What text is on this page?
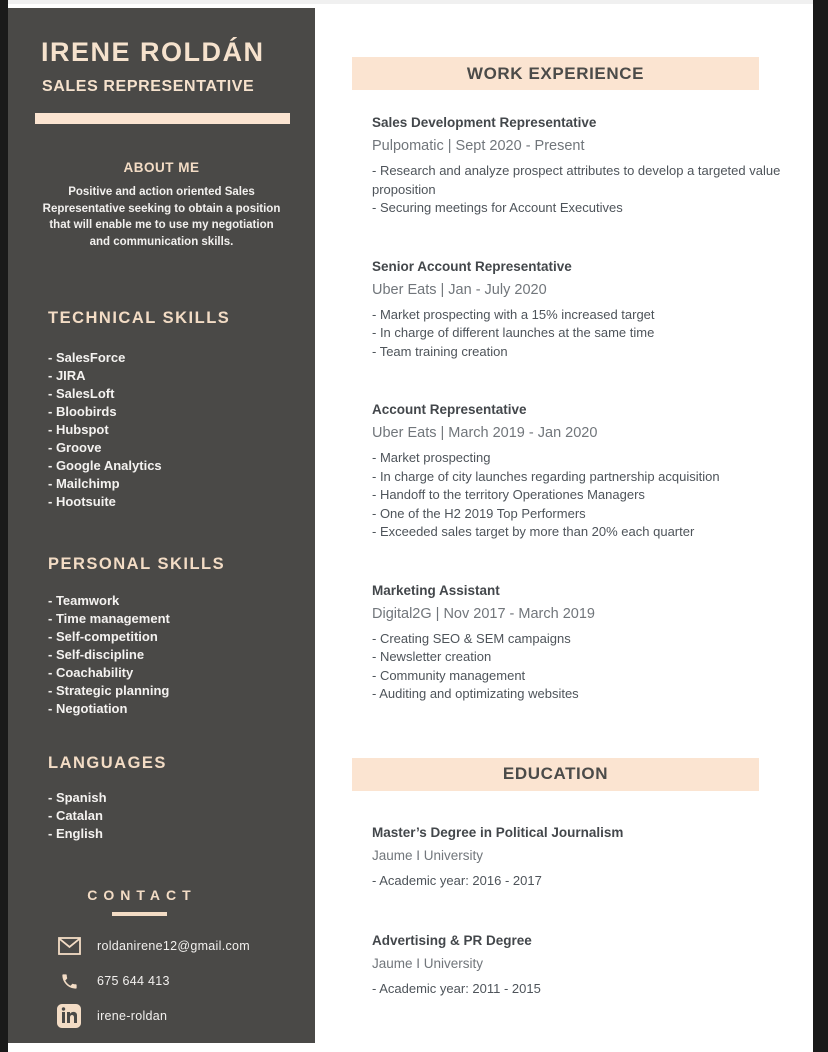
IRENE ROLDÁN
SALES REPRESENTATIVE
ABOUT ME

Positive and action oriented Sales Representative seeking to obtain a position that will enable me to use my negotiation and communication skills.

TECHNICAL SKILLS
- SalesForce
- JIRA
- SalesLoft
- Bloobirds
- Hubspot
- Groove
- Google Analytics
- Mailchimp
- Hootsuite
PERSONAL SKILLS
- Teamwork
- Time management
- Self-competition
- Self-discipline
- Coachability
- Strategic planning
- Negotiation
LANGUAGES
- Spanish
- Catalan
- English
CONTACT
roldanirene12@gmail.com
675 644 413
irene-roldan
WORK EXPERIENCE
Sales Development Representative
Pulpomatic | Sept 2020 - Present

- Research and analyze prospect attributes to develop a targeted value proposition

- Securing meetings for Account Executives

Senior Account Representative
Uber Eats | Jan - July 2020

- Market prospecting with a 15% increased target

- In charge of different launches at the same time

- Team training creation

Account Representative
Uber Eats | March 2019 - Jan 2020

- Market prospecting

- In charge of city launches regarding partnership acquisition

- Handoff to the territory Operationes Managers

- One of the H2 2019 Top Performers

- Exceeded sales target by more than 20% each quarter

Marketing Assistant
Digital2G | Nov 2017 - March 2019

- Creating SEO & SEM campaigns

- Newsletter creation

- Community management

- Auditing and optimizating websites

EDUCATION
Master’s Degree in Political Journalism
Jaume I University

- Academic year: 2016 - 2017

Advertising & PR Degree
Jaume I University

- Academic year: 2011 - 2015
